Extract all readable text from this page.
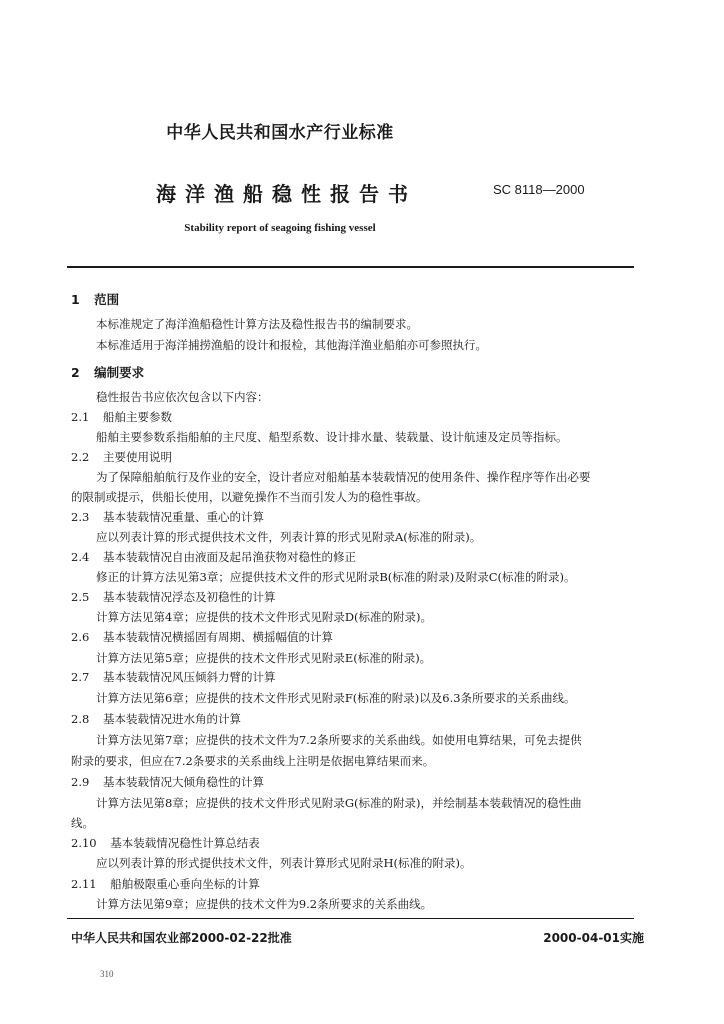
中华人民共和国水产行业标准
海洋渔船稳性报告书	SC 8118—2000
Stability report of seagoing fishing vessel
1 范围
本标准规定了海洋渔船稳性计算方法及稳性报告书的编制要求。
本标准适用于海洋捕捞渔船的设计和报检，其他海洋渔业船舶亦可参照执行。
2 编制要求
稳性报告书应依次包含以下内容：
2.1 船舶主要参数
船舶主要参数系指船舶的主尺度、船型系数、设计排水量、装载量、设计航速及定员等指标。
2.2 主要使用说明
为了保障船舶航行及作业的安全，设计者应对船舶基本装载情况的使用条件、操作程序等作出必要
的限制或提示，供船长使用，以避免操作不当而引发人为的稳性事故。
2.3 基本装载情况重量、重心的计算
应以列表计算的形式提供技术文件，列表计算的形式见附录A(标准的附录)。
2.4 基本装载情况自由液面及起吊渔获物对稳性的修正
修正的计算方法见第3章；应提供技术文件的形式见附录B(标准的附录)及附录C(标准的附录)。
2.5 基本装载情况浮态及初稳性的计算
计算方法见第4章；应提供的技术文件形式见附录D(标准的附录)。
2.6 基本装载情况横摇固有周期、横摇幅值的计算
计算方法见第5章；应提供的技术文件形式见附录E(标准的附录)。
2.7 基本装载情况风压倾斜力臂的计算
计算方法见第6章；应提供的技术文件形式见附录F(标准的附录)以及6.3条所要求的关系曲线。
2.8 基本装载情况进水角的计算
计算方法见第7章；应提供的技术文件为7.2条所要求的关系曲线。如使用电算结果，可免去提供
附录的要求，但应在7.2条要求的关系曲线上注明是依据电算结果而来。
2.9 基本装载情况大倾角稳性的计算
计算方法见第8章；应提供的技术文件形式见附录G(标准的附录)，并绘制基本装载情况的稳性曲
线。
2.10 基本装载情况稳性计算总结表
应以列表计算的形式提供技术文件，列表计算形式见附录H(标准的附录)。
2.11 船舶极限重心垂向坐标的计算
中华人民共和国农业部2000-02-22批准	2000-04-01实施
310
计算方法见第9章；应提供的技术文件为9.2条所要求的关系曲线。
